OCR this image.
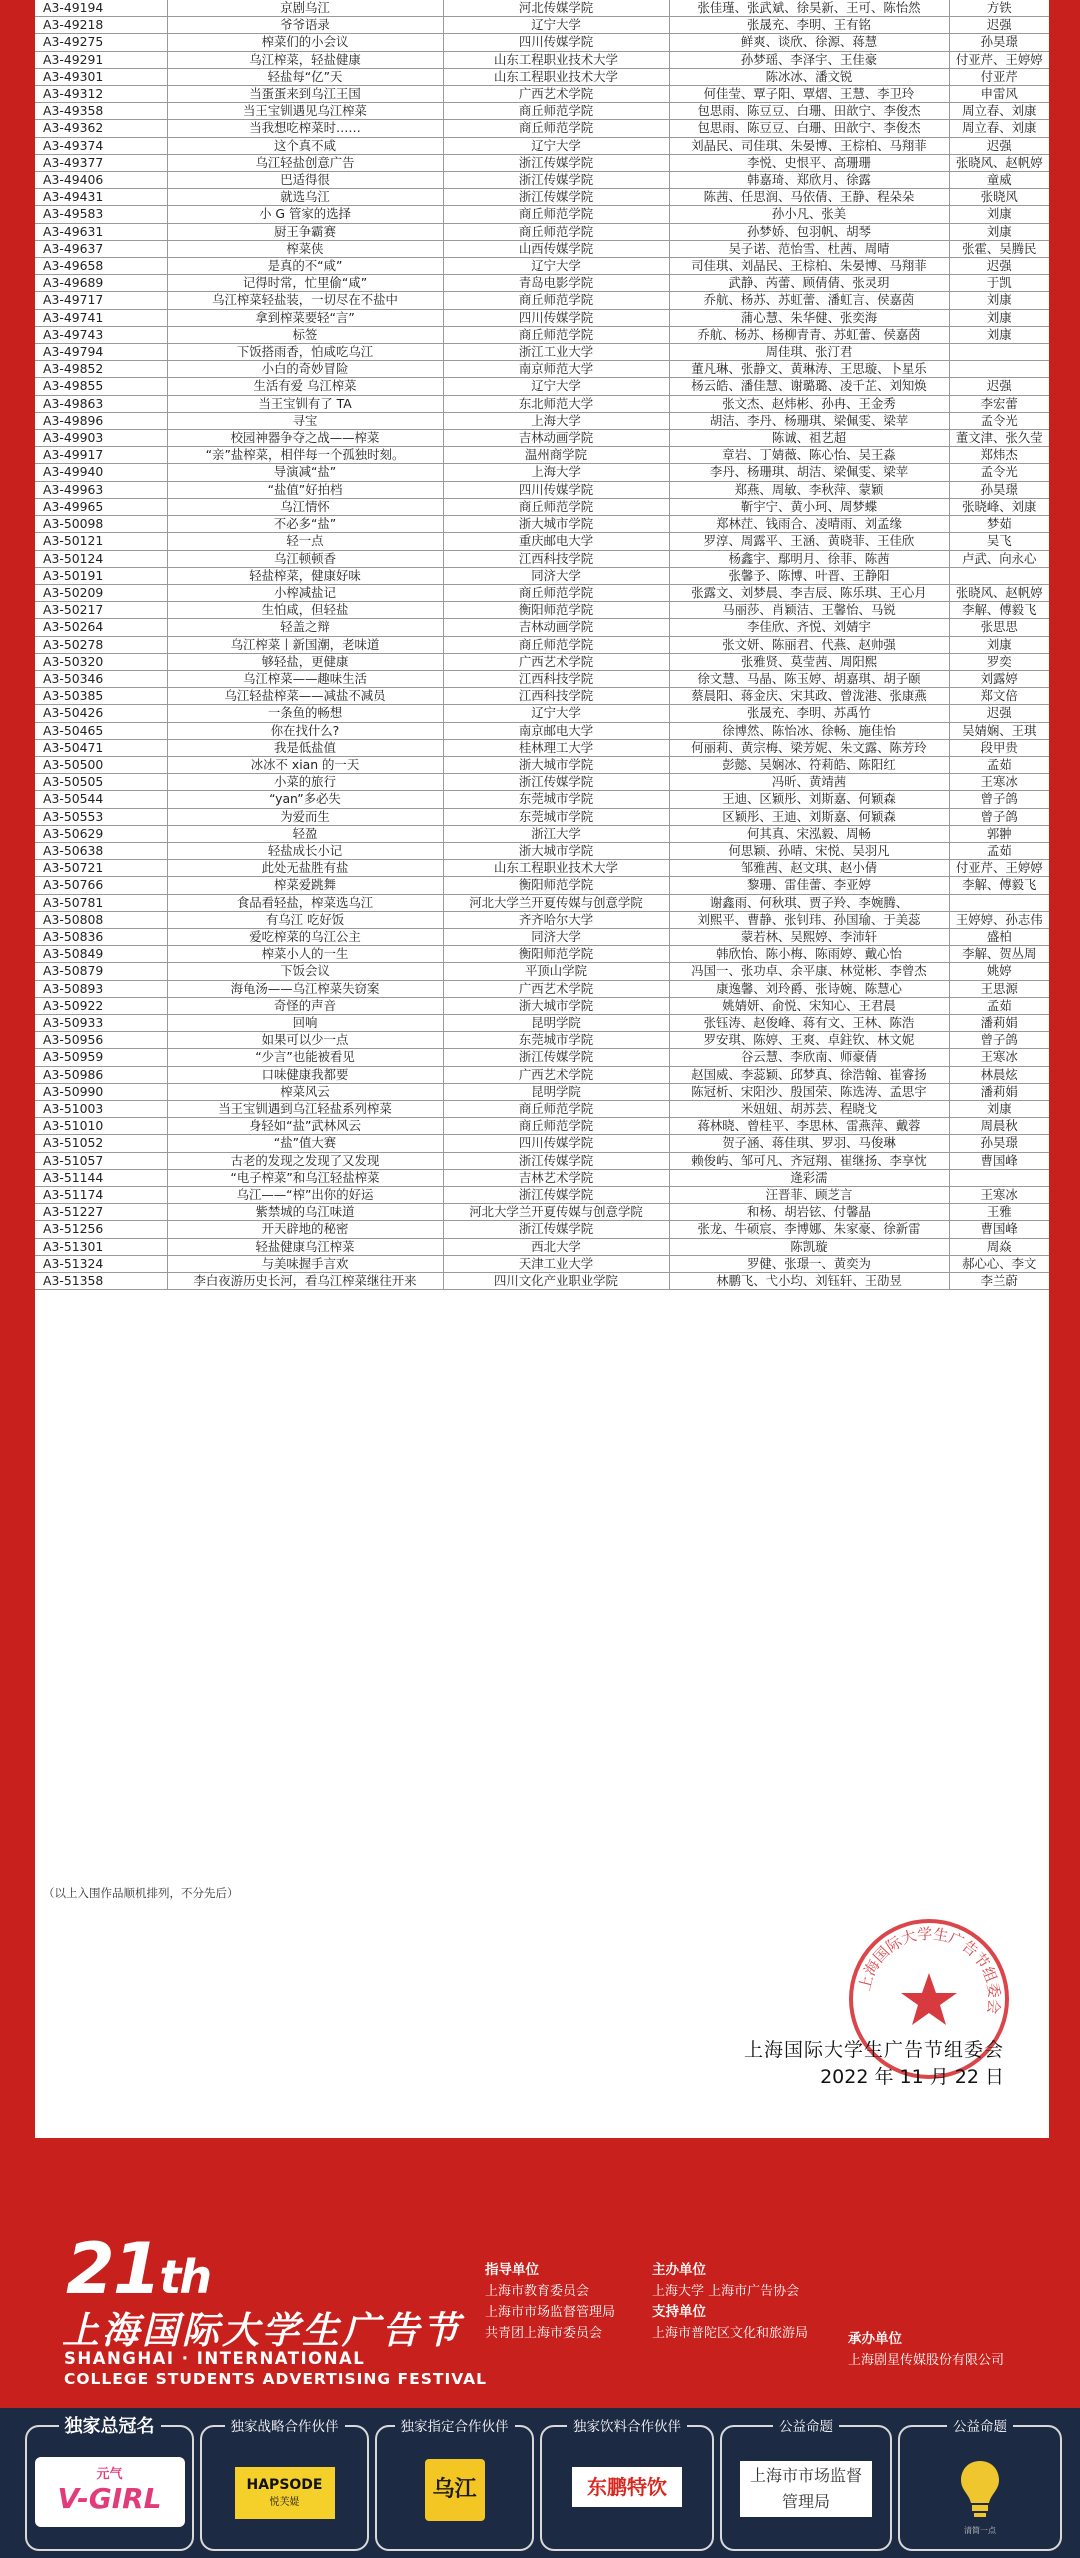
A3-49194	京剧乌江	河北传媒学院	张佳瑾、张武斌、徐昊新、王可、陈怡然	方铁
A3-49218	爷爷语录	辽宁大学	张晟充、李明、王有铭	迟强
A3-49275	榨菜们的小会议	四川传媒学院	鲜爽、谈欣、徐源、蒋慧	孙昊璟
A3-49291	乌江榨菜，轻盐健康	山东工程职业技术大学	孙梦瑶、李泽宇、王佳豪	付亚芹、王婷婷
A3-49301	轻盐每“亿”天	山东工程职业技术大学	陈冰冰、潘文锐	付亚芹
A3-49312	当蛋蛋来到乌江王国	广西艺术学院	何佳莹、覃子阳、覃熠、王慧、李卫玲	申雷风
A3-49358	当王宝钏遇见乌江榨菜	商丘师范学院	包思雨、陈豆豆、白珊、田歆宁、李俊杰	周立春、刘康
A3-49362	当我想吃榨菜时……	商丘师范学院	包思雨、陈豆豆、白珊、田歆宁、李俊杰	周立春、刘康
A3-49374	这个真不咸	辽宁大学	刘晶民、司佳琪、朱晏博、王棕柏、马翔菲	迟强
A3-49377	乌江轻盐创意广告	浙江传媒学院	李悦、史恨平、高珊珊	张晓风、赵帆婷
A3-49406	巴适得很	浙江传媒学院	韩嘉琦、郑欣月、徐露	童威
A3-49431	就选乌江	浙江传媒学院	陈茜、任思润、马依倩、王静、程朵朵	张晓风
A3-49583	小 G 管家的选择	商丘师范学院	孙小凡、张美	刘康
A3-49631	厨王争霸赛	商丘师范学院	孙梦娇、包羽帆、胡琴	刘康
A3-49637	榨菜侠	山西传媒学院	吴子诺、范怡雪、杜茜、周晴	张霍、吴腾民
A3-49658	是真的不“咸”	辽宁大学	司佳琪、刘晶民、王棕柏、朱晏博、马翔菲	迟强
A3-49689	记得时常，忙里偷“咸”	青岛电影学院	武静、芮蕾、顾倩倩、张灵玥	于凯
A3-49717	乌江榨菜轻盐装，一切尽在不盐中	商丘师范学院	乔航、杨苏、苏虹蕾、潘虹言、侯嘉茵	刘康
A3-49741	拿到榨菜要轻“言”	四川传媒学院	蒲心慧、朱华健、张奕海	刘康
A3-49743	标签	商丘师范学院	乔航、杨苏、杨柳青青、苏虹蕾、侯嘉茵	刘康
A3-49794	下饭搭雨香，怕咸吃乌江	浙江工业大学	周佳琪、张汀君	
A3-49852	小白的奇妙冒险	南京师范大学	董凡琳、张静文、黄琳涛、王思璇、卜星乐	
A3-49855	生活有爱 乌江榨菜	辽宁大学	杨云皓、潘佳慧、谢璐璐、凌千芷、刘知焕	迟强
A3-49863	当王宝钏有了 TA	东北师范大学	张文杰、赵炜彬、孙冉、王金秀	李宏蕾
A3-49896	寻宝	上海大学	胡洁、李丹、杨珊琪、梁佩雯、梁苹	孟令光
A3-49903	校园神器争夺之战——榨菜	吉林动画学院	陈诚、祖艺超	董文津、张久莹
A3-49917	“亲”盐榨菜，相伴每一个孤独时刻。	温州商学院	章岩、丁婧薇、陈心怡、吴王淼	郑炜杰
A3-49940	导演减“盐”	上海大学	李丹、杨珊琪、胡洁、梁佩雯、梁苹	孟令光
A3-49963	“盐值”好拍档	四川传媒学院	郑燕、周敏、李秋萍、蒙颖	孙昊璟
A3-49965	乌江情怀	商丘师范学院	靳宇宁、黄小珂、周梦蝶	张晓峰、刘康
A3-50098	不必多“盐”	浙大城市学院	郑林茳、钱雨合、凌晴雨、刘孟缘	梦茹
A3-50121	轻一点	重庆邮电大学	罗淳、周露平、王涵、黄晓菲、王佳欣	吴飞
A3-50124	乌江顿顿香	江西科技学院	杨鑫宇、鄢明月、徐菲、陈茜	卢武、向永心
A3-50191	轻盐榨菜，健康好味	同济大学	张馨予、陈博、叶晋、王静阳	
A3-50209	小榨减盐记	商丘师范学院	张露文、刘梦晨、李吉辰、陈乐琪、王心月	张晓风、赵帆婷
A3-50217	生怕咸，但轻盐	衡阳师范学院	马丽莎、肖颖洁、王馨怡、马锐	李解、傅毅飞
A3-50264	轻盖之辩	吉林动画学院	李佳欣、齐悦、刘婧宇	张思思
A3-50278	乌江榨菜丨新国潮，老味道	商丘师范学院	张文妍、陈丽君、代燕、赵帅强	刘康
A3-50320	够轻盐，更健康	广西艺术学院	张雅贤、莫莹茜、周阳熙	罗奕
A3-50346	乌江榨菜——趣味生活	江西科技学院	徐文慧、马晶、陈玉婷、胡嘉琪、胡子颐	刘露婷
A3-50385	乌江轻盐榨菜——减盐不减员	江西科技学院	蔡晨阳、蒋金庆、宋其政、曾泷港、张康燕	郑文倍
A3-50426	一条鱼的畅想	辽宁大学	张晟充、李明、苏禹竹	迟强
A3-50465	你在找什么?	南京邮电大学	徐博然、陈怡冰、徐畅、施佳怡	吴婧娴、王琪
A3-50471	我是低盐值	桂林理工大学	何丽莉、黄宗梅、梁芳妮、朱文露、陈芳玲	段甲贵
A3-50500	冰冰不 xian 的一天	浙大城市学院	彭懿、吴娴冰、符莉皓、陈阳红	孟茹
A3-50505	小菜的旅行	浙江传媒学院	冯昕、黄靖茜	王寒冰
A3-50544	“yan”多必失	东莞城市学院	王迪、区颖彤、刘斯嘉、何颖森	曾子鸽
A3-50553	为爱而生	东莞城市学院	区颖彤、王迪、刘斯嘉、何颖森	曾子鸽
A3-50629	轻盈	浙江大学	何其真、宋泓毅、周畅	郭翀
A3-50638	轻盐成长小记	浙大城市学院	何思颖、孙晴、宋悦、吴羽凡	孟茹
A3-50721	此处无盐胜有盐	山东工程职业技术大学	邹雅茜、赵文琪、赵小倩	付亚芹、王婷婷
A3-50766	榨菜爱跳舞	衡阳师范学院	黎珊、雷佳蕾、李亚婷	李解、傅毅飞
A3-50781	食品看轻盐，榨菜选乌江	河北大学兰开夏传媒与创意学院	谢鑫雨、何秋琪、贾子羚、李婉腾、	
A3-50808	有乌江 吃好饭	齐齐哈尔大学	刘熙平、曹静、张钊玮、孙国瑜、于美蕊	王婷婷、孙志伟
A3-50836	爱吃榨菜的乌江公主	同济大学	蒙若林、吴熙婷、李沛轩	盛柏
A3-50849	榨菜小人的一生	衡阳师范学院	韩欣怡、陈小梅、陈雨婷、戴心怡	李解、贺丛周
A3-50879	下饭会议	平顶山学院	冯国一、张功卓、余平康、林觉彬、李曾杰	姚婷
A3-50893	海龟汤——乌江榨菜失窃案	广西艺术学院	康逸馨、刘玲爵、张诗婉、陈慧心	王思源
A3-50922	奇怪的声音	浙大城市学院	姚婧妍、俞悦、宋知心、王君晨	孟茹
A3-50933	回响	昆明学院	张钰涛、赵俊峰、蒋有文、王林、陈浩	潘莉娟
A3-50956	如果可以少一点	东莞城市学院	罗安琪、陈婷、王爽、卓鉒钦、林文妮	曾子鸽
A3-50959	“少言”也能被看见	浙江传媒学院	谷云慧、李欣南、师豪倩	王寒冰
A3-50986	口味健康我都要	广西艺术学院	赵国威、李蕊颖、邱梦真、徐浩翰、崔睿扬	林晨炫
A3-50990	榨菜风云	昆明学院	陈冠析、宋阳沙、殷国荣、陈选涛、孟思宇	潘莉娟
A3-51003	当王宝钏遇到乌江轻盐系列榨菜	商丘师范学院	米妞妞、胡苏芸、程晓戈	刘康
A3-51010	身轻如“盐”武林风云	商丘师范学院	蒋林晓、曾桂平、李思林、雷燕萍、戴蓉	周晨秋
A3-51052	“盐”值大赛	四川传媒学院	贺子涵、蒋佳琪、罗羽、马俊琳	孙昊璟
A3-51057	古老的发现之发现了又发现	浙江传媒学院	赖俊屿、邹可凡、齐冠翔、崔继扬、李享忱	曹国峰
A3-51144	“电子榨菜”和乌江轻盐榨菜	吉林艺术学院	逄彩濡	
A3-51174	乌江——“榨”出你的好运	浙江传媒学院	汪晋菲、顾芝言	王寒冰
A3-51227	紫禁城的乌江味道	河北大学兰开夏传媒与创意学院	和杨、胡岩铉、付馨晶	王雅
A3-51256	开天辟地的秘密	浙江传媒学院	张龙、牛硕宸、李博娜、朱家豪、徐新雷	曹国峰
A3-51301	轻盐健康乌江榨菜	西北大学	陈凯璇	周焱
A3-51324	与美味握手言欢	天津工业大学	罗健、张璟一、黄奕为	郝心心、李文
A3-51358	李白夜游历史长河，看乌江榨菜继往开来	四川文化产业职业学院	林鹏飞、弋小均、刘钰轩、王劭昱	李兰蔚
（以上入围作品顺机排列，不分先后）
上海国际大学生广告节组委会
上海国际大学生广告节组委会
2022 年 11 月 22 日
21th
上海国际大学生广告节
SHANGHAI · INTERNATIONAL
COLLEGE STUDENTS ADVERTISING FESTIVAL
指导单位
上海市教育委员会
上海市市场监督管理局
共青团上海市委员会
主办单位
上海大学 上海市广告协会
支持单位
上海市普陀区文化和旅游局	承办单位
上海剧星传媒股份有限公司
独家总冠名
元气
V-GIRL
独家战略合作伙伴
HAPSODE
悦芙媞
独家指定合作伙伴
乌江
独家饮料合作伙伴
东鹏特饮
公益命题
上海市市场监督管理局
公益命题
清简一点
